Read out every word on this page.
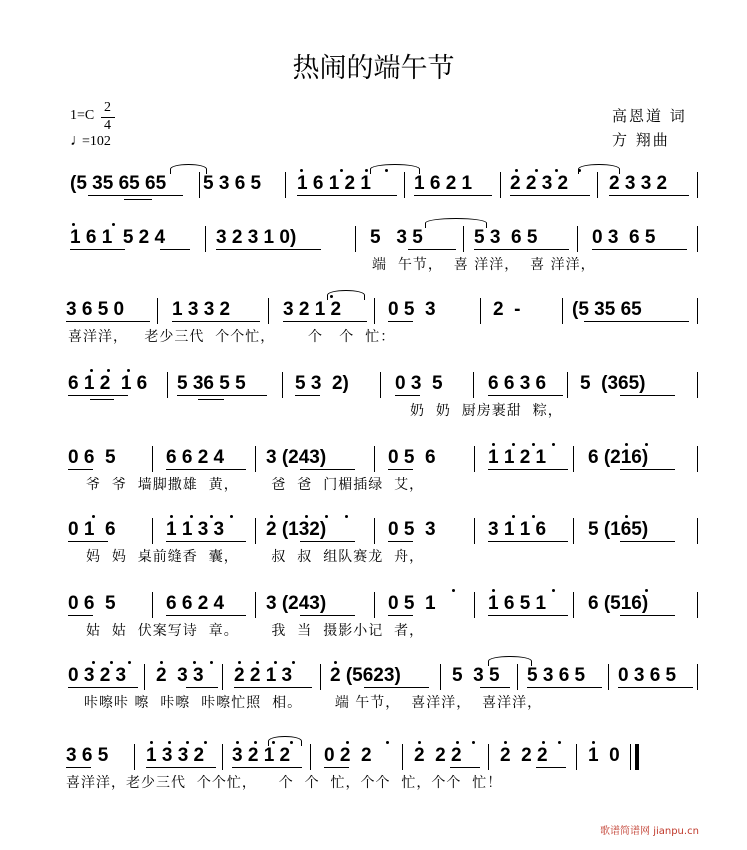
热闹的端午节
1=C
2
4
♩
=102
高恩道 词
方 翔曲
(5 35 65 65 5 3 6 5 1 6 1 2 1 1 6 2 1 2 2 3 2 2 3 3 2
1 6 1  5 2 4	3 2 3 1 0)	5   3 5	5 3  6 5	0 3  6 5
端  午节，  喜 洋洋，  喜 洋洋，
3 6 5 0	1 3 3 2	3 2 1 2 0 5  3	2  -	(5 35 65
喜洋洋，   老少三代  个个忙，      个   个  忙：
6 1 2  1 6 5 36 5 5	5 3  2) 0 3  5 6 6 3 6 5  (365)
奶  奶  厨房裹甜  粽，
0 6  5	6 6 2 4 3 (243)	0 5  6	1 1 2 1 6 (216)
爷  爷  墙脚撒雄  黄，      爸  爸  门楣插绿  艾，
0 1  6	1 1 3 3 2 (132)	0 5  3	3 1 1 6 5 (165)
妈  妈  桌前缝香  囊，      叔  叔  组队赛龙  舟，
0 6  5	6 6 2 4 3 (243)	0 5  1	1 6 5 1 6 (516)
姑  姑  伏案写诗  章。      我  当  摄影小记  者，
0 3 2 3 2  3 3 2 2 1 3 2 (5623)	5  3 5 5 3 6 5 0 3 6 5
咔嚓咔 嚓  咔嚓  咔嚓忙照  相。      端 午节，  喜洋洋，  喜洋洋，
3 6 5 1 3 3 2 3 2 1 2 0 2  2 2  2 2 2  2 2 1  0
喜洋洋，老少三代  个个忙，    个  个  忙，个个  忙，个个  忙！
歌谱简谱网 jianpu.cn
